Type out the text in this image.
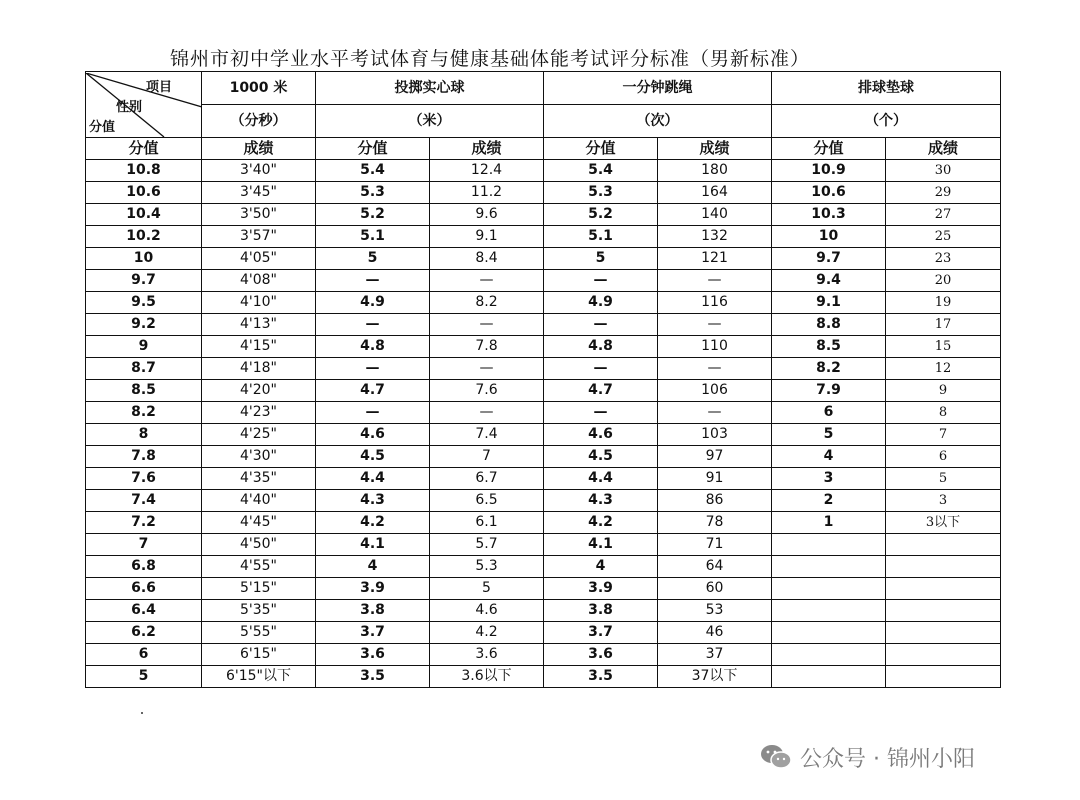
锦州市初中学业水平考试体育与健康基础体能考试评分标准（男新标准）
项目
性别
分值	1000 米	投掷实心球		一分钟跳绳		排球垫球	
	（分秒）	（米）		（次）		（个）	
分值	成绩	分值	成绩	分值	成绩	分值	成绩
10.8	3'40"	5.4	12.4	5.4	180	10.9	30
10.6	3'45"	5.3	11.2	5.3	164	10.6	29
10.4	3'50"	5.2	9.6	5.2	140	10.3	27
10.2	3'57"	5.1	9.1	5.1	132	10	25
10	4'05"	5	8.4	5	121	9.7	23
9.7	4'08"	—	—	—	—	9.4	20
9.5	4'10"	4.9	8.2	4.9	116	9.1	19
9.2	4'13"	—	—	—	—	8.8	17
9	4'15"	4.8	7.8	4.8	110	8.5	15
8.7	4'18"	—	—	—	—	8.2	12
8.5	4'20"	4.7	7.6	4.7	106	7.9	9
8.2	4'23"	—	—	—	—	6	8
8	4'25"	4.6	7.4	4.6	103	5	7
7.8	4'30"	4.5	7	4.5	97	4	6
7.6	4'35"	4.4	6.7	4.4	91	3	5
7.4	4'40"	4.3	6.5	4.3	86	2	3
7.2	4'45"	4.2	6.1	4.2	78	1	3以下
7	4'50"	4.1	5.7	4.1	71		
6.8	4'55"	4	5.3	4	64		
6.6	5'15"	3.9	5	3.9	60		
6.4	5'35"	3.8	4.6	3.8	53		
6.2	5'55"	3.7	4.2	3.7	46		
6	6'15"	3.6	3.6	3.6	37		
5	6'15"以下	3.5	3.6以下	3.5	37以下		
公众号 · 锦州小阳
